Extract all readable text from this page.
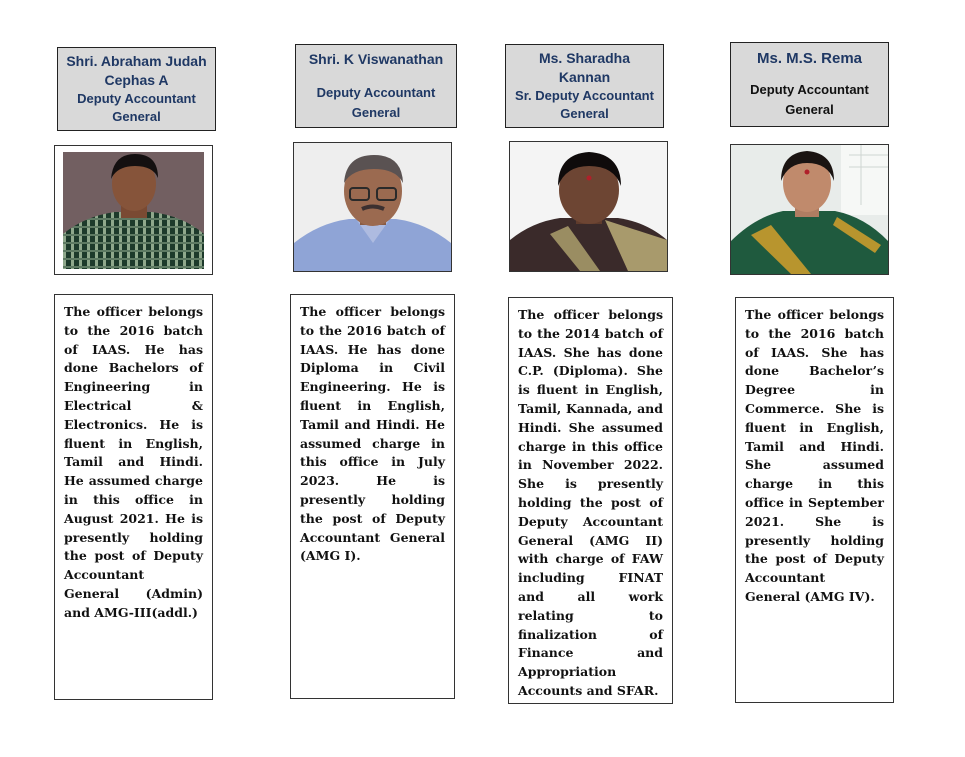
Shri. Abraham Judah Cephas A
Deputy Accountant General

The officer belongs to the 2016 batch of IAAS. He has done Bachelors of Engineering in Electrical & Electronics. He is fluent in English, Tamil and Hindi. He assumed charge in this office in August 2021. He is presently holding the post of Deputy Accountant General (Admin) and AMG-III(addl.)

Shri. K Viswanathan
Deputy Accountant General

The officer belongs to the 2016 batch of IAAS. He has done Diploma in Civil Engineering. He is fluent in English, Tamil and Hindi. He assumed charge in this office in July 2023. He is presently holding the post of Deputy Accountant General (AMG I).

Ms. Sharadha Kannan
Sr. Deputy Accountant General

The officer belongs to the 2014 batch of IAAS. She has done C.P. (Diploma). She is fluent in English, Tamil, Kannada, and Hindi. She assumed charge in this office in November 2022. She is presently holding the post of Deputy Accountant General (AMG II) with charge of FAW including FINAT and all work relating to finalization of Finance and Appropriation Accounts and SFAR.

Ms. M.S. Rema
Deputy Accountant General

The officer belongs to the 2016 batch of IAAS. She has done Bachelor’s Degree in Commerce. She is fluent in English, Tamil and Hindi. She assumed charge in this office in September 2021. She is presently holding the post of Deputy Accountant General (AMG IV).
